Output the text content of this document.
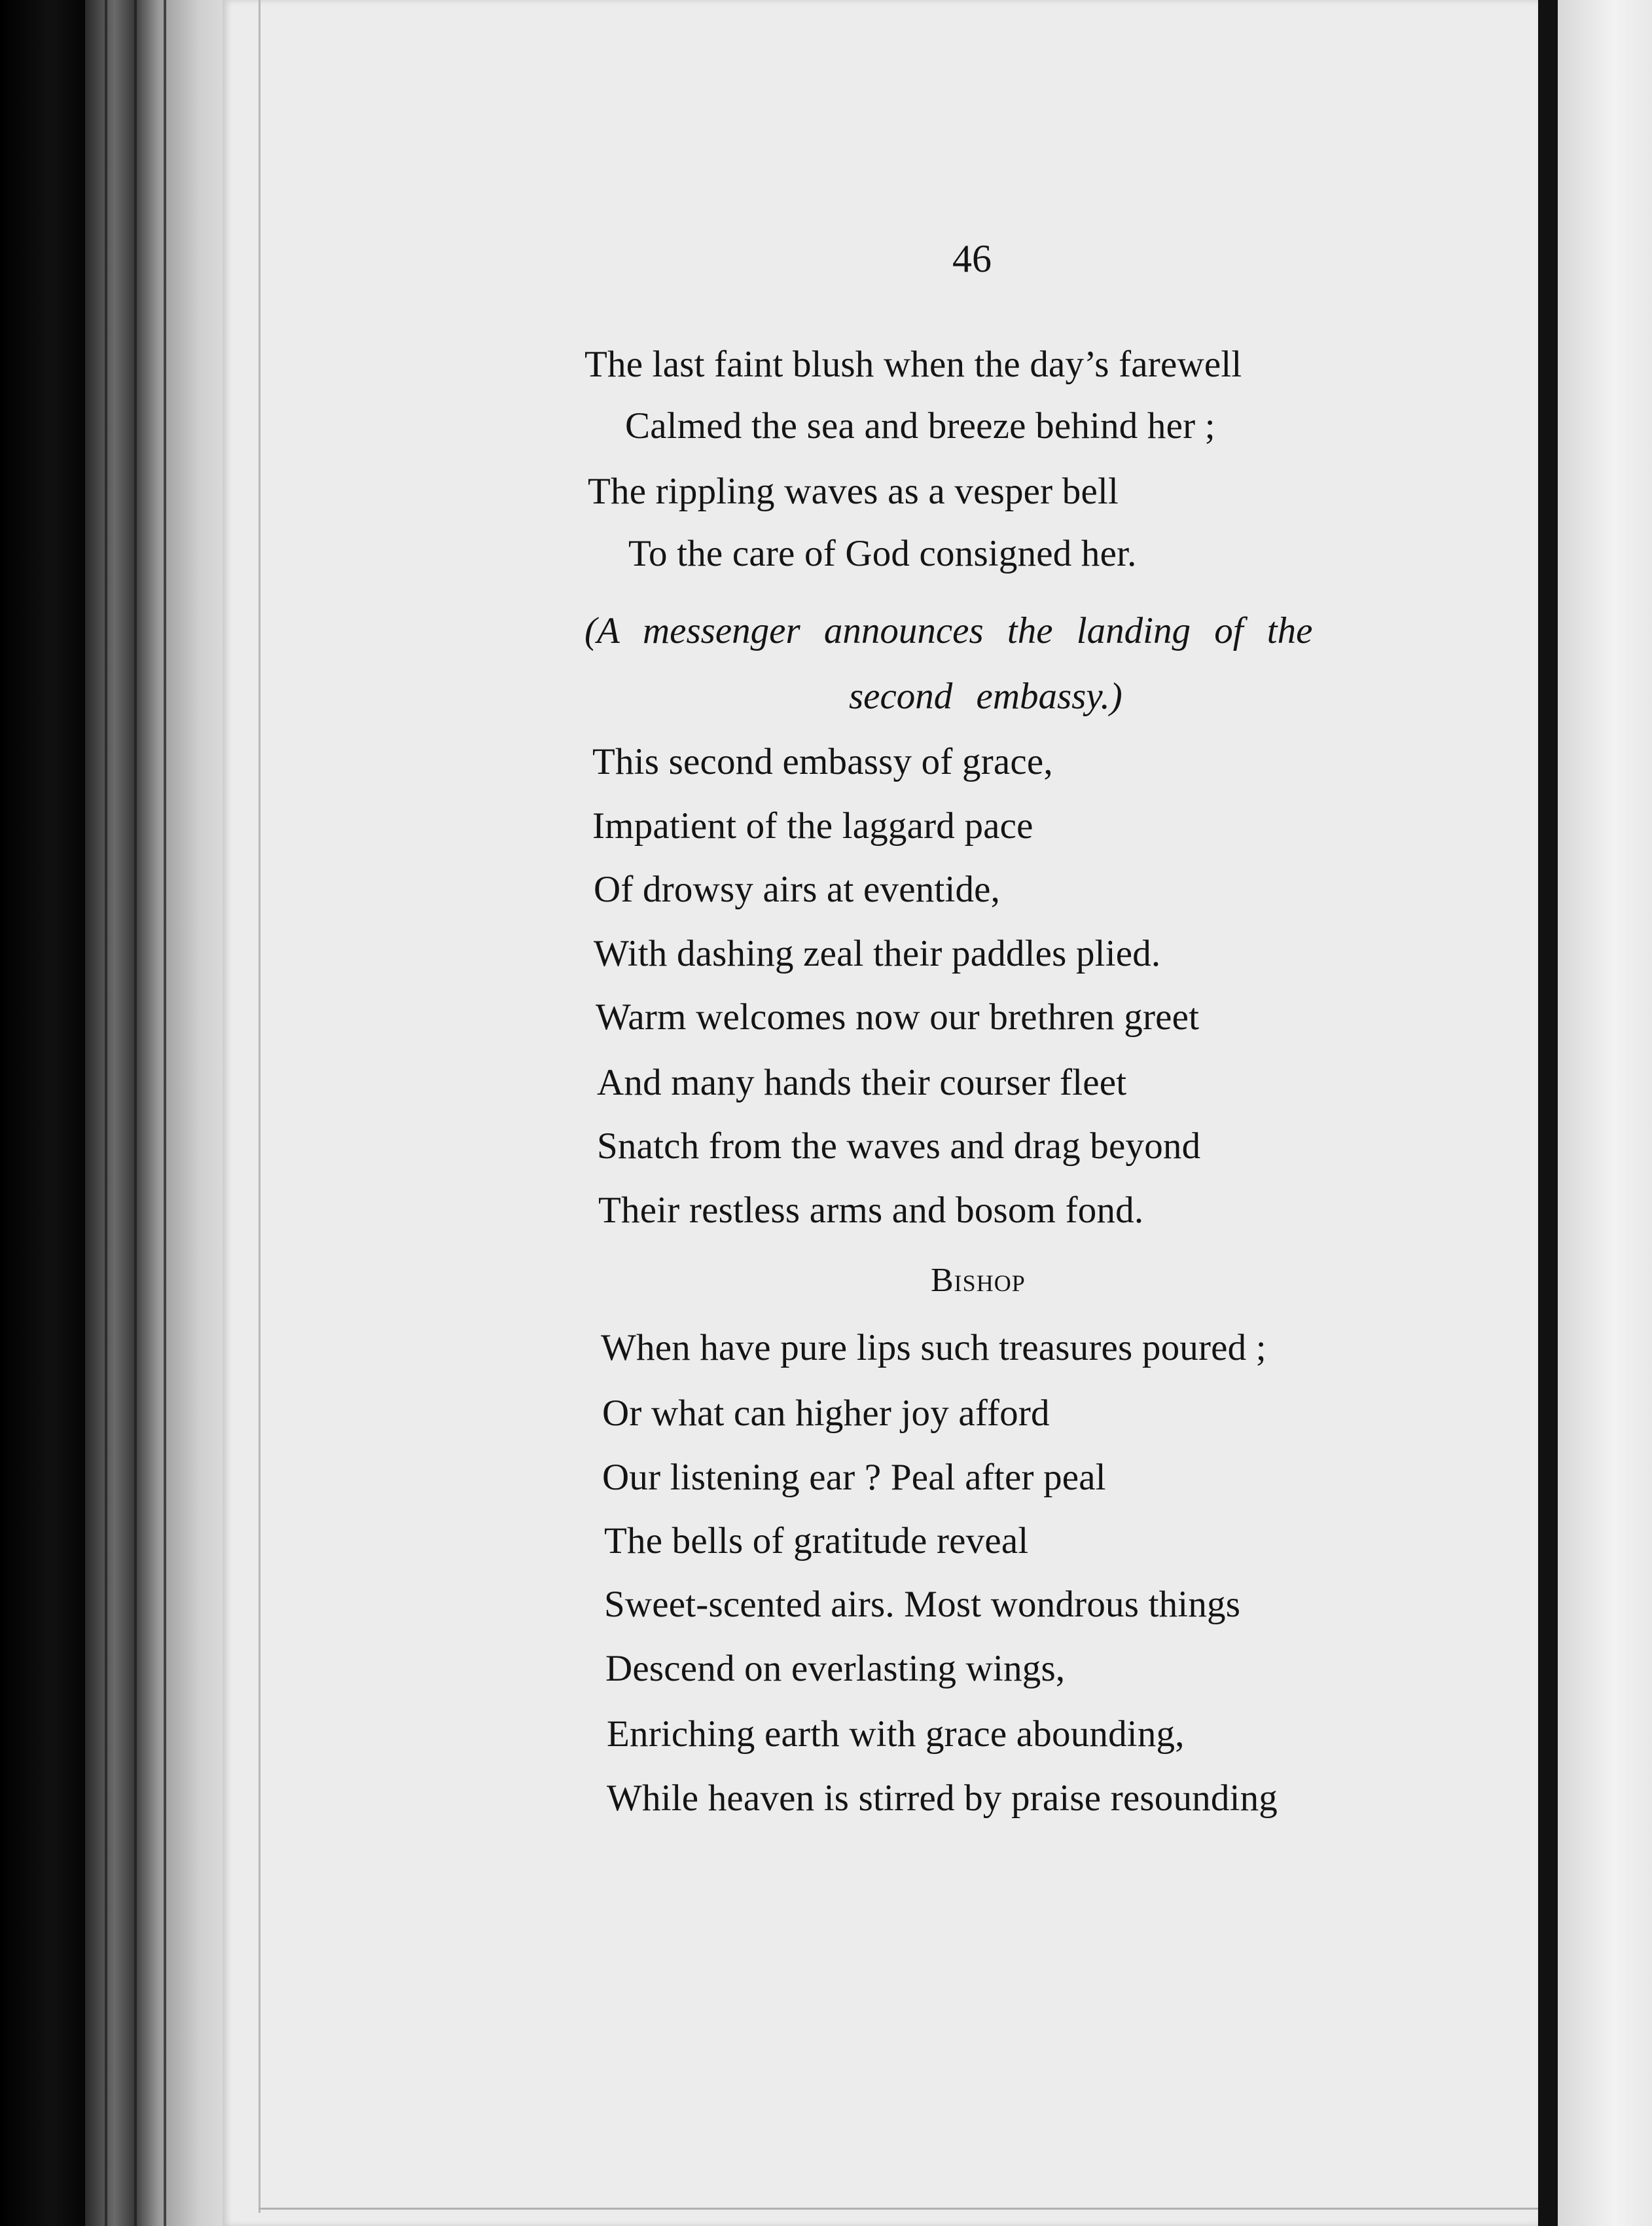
46
The last faint blush when the day’s farewell
Calmed the sea and breeze behind her ;
The rippling waves as a vesper bell
To the care of God consigned her.
(A messenger announces the landing of the
second embassy.)
This second embassy of grace,
Impatient of the laggard pace
Of drowsy airs at eventide,
With dashing zeal their paddles plied.
Warm welcomes now our brethren greet
And many hands their courser fleet
Snatch from the waves and drag beyond
Their restless arms and bosom fond.
Bishop
When have pure lips such treasures poured ;
Or what can higher joy afford
Our listening ear ? Peal after peal
The bells of gratitude reveal
Sweet-scented airs. Most wondrous things
Descend on everlasting wings,
Enriching earth with grace abounding,
While heaven is stirred by praise resounding
